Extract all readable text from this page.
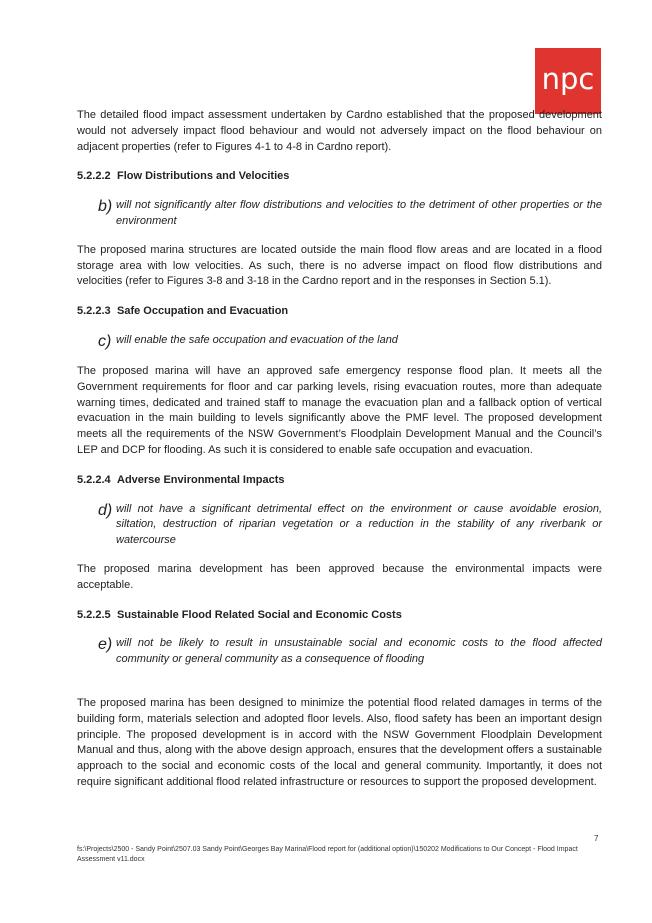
npc

The detailed flood impact assessment undertaken by Cardno established that the proposed development would not adversely impact flood behaviour and would not adversely impact on the flood behaviour on adjacent properties (refer to Figures 4-1 to 4-8 in Cardno report).

5.2.2.2 Flow Distributions and Velocities

b) will not significantly alter flow distributions and velocities to the detriment of other properties or the environment

The proposed marina structures are located outside the main flood flow areas and are located in a flood storage area with low velocities. As such, there is no adverse impact on flood flow distributions and velocities (refer to Figures 3-8 and 3-18 in the Cardno report and in the responses in Section 5.1).

5.2.2.3 Safe Occupation and Evacuation

c) will enable the safe occupation and evacuation of the land

The proposed marina will have an approved safe emergency response flood plan. It meets all the Government requirements for floor and car parking levels, rising evacuation routes, more than adequate warning times, dedicated and trained staff to manage the evacuation plan and a fallback option of vertical evacuation in the main building to levels significantly above the PMF level. The proposed development meets all the requirements of the NSW Government’s Floodplain Development Manual and the Council’s LEP and DCP for flooding. As such it is considered to enable safe occupation and evacuation.

5.2.2.4 Adverse Environmental Impacts

d) will not have a significant detrimental effect on the environment or cause avoidable erosion, siltation, destruction of riparian vegetation or a reduction in the stability of any riverbank or watercourse

The proposed marina development has been approved because the environmental impacts were acceptable.

5.2.2.5 Sustainable Flood Related Social and Economic Costs

e) will not be likely to result in unsustainable social and economic costs to the flood affected community or general community as a consequence of flooding

The proposed marina has been designed to minimize the potential flood related damages in terms of the building form, materials selection and adopted floor levels. Also, flood safety has been an important design principle. The proposed development is in accord with the NSW Government Floodplain Development Manual and thus, along with the above design approach, ensures that the development offers a sustainable approach to the social and economic costs of the local and general community. Importantly, it does not require significant additional flood related infrastructure or resources to support the proposed development.

7
fs:\Projects\2500 - Sandy Point\2507.03 Sandy Point\Georges Bay Marina\Flood report for (additional option)\150202 Modifications to Our Concept - Flood Impact Assessment v11.docx
